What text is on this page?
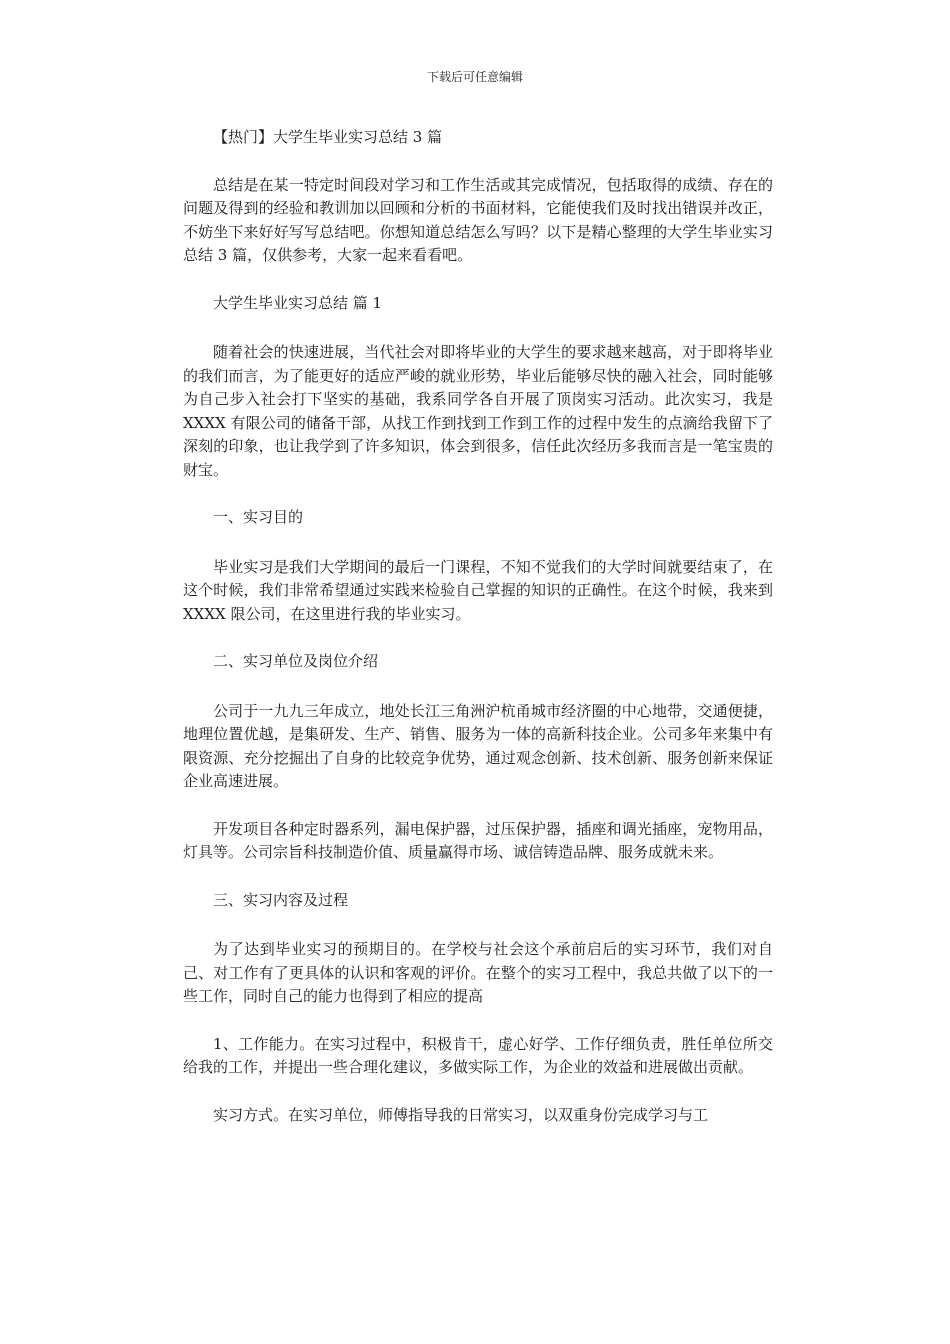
下载后可任意编辑

【热门】大学生毕业实习总结 3 篇

总结是在某一特定时间段对学习和工作生活或其完成情况，包括取得的成绩、存在的问题及得到的经验和教训加以回顾和分析的书面材料，它能使我们及时找出错误并改正，不妨坐下来好好写写总结吧。你想知道总结怎么写吗？以下是精心整理的大学生毕业实习总结 3 篇，仅供参考，大家一起来看看吧。

大学生毕业实习总结 篇 1

随着社会的快速进展，当代社会对即将毕业的大学生的要求越来越高，对于即将毕业的我们而言，为了能更好的适应严峻的就业形势，毕业后能够尽快的融入社会，同时能够为自己步入社会打下坚实的基础，我系同学各自开展了顶岗实习活动。此次实习，我是 XXXX 有限公司的储备干部，从找工作到找到工作到工作的过程中发生的点滴给我留下了深刻的印象，也让我学到了许多知识，体会到很多，信任此次经历多我而言是一笔宝贵的财宝。

一、实习目的

毕业实习是我们大学期间的最后一门课程，不知不觉我们的大学时间就要结束了，在这个时候，我们非常希望通过实践来检验自己掌握的知识的正确性。在这个时候，我来到 XXXX 限公司，在这里进行我的毕业实习。

二、实习单位及岗位介绍

公司于一九九三年成立，地处长江三角洲沪杭甬城市经济圈的中心地带，交通便捷，地理位置优越，是集研发、生产、销售、服务为一体的高新科技企业。公司多年来集中有限资源、充分挖掘出了自身的比较竞争优势，通过观念创新、技术创新、服务创新来保证企业高速进展。

开发项目各种定时器系列，漏电保护器，过压保护器，插座和调光插座，宠物用品，灯具等。公司宗旨科技制造价值、质量赢得市场、诚信铸造品牌、服务成就未来。

三、实习内容及过程

为了达到毕业实习的预期目的。在学校与社会这个承前启后的实习环节，我们对自己、对工作有了更具体的认识和客观的评价。在整个的实习工程中，我总共做了以下的一些工作，同时自己的能力也得到了相应的提高

1、工作能力。在实习过程中，积极肯干，虚心好学、工作仔细负责，胜任单位所交给我的工作，并提出一些合理化建议，多做实际工作，为企业的效益和进展做出贡献。

实习方式。在实习单位，师傅指导我的日常实习，以双重身份完成学习与工
